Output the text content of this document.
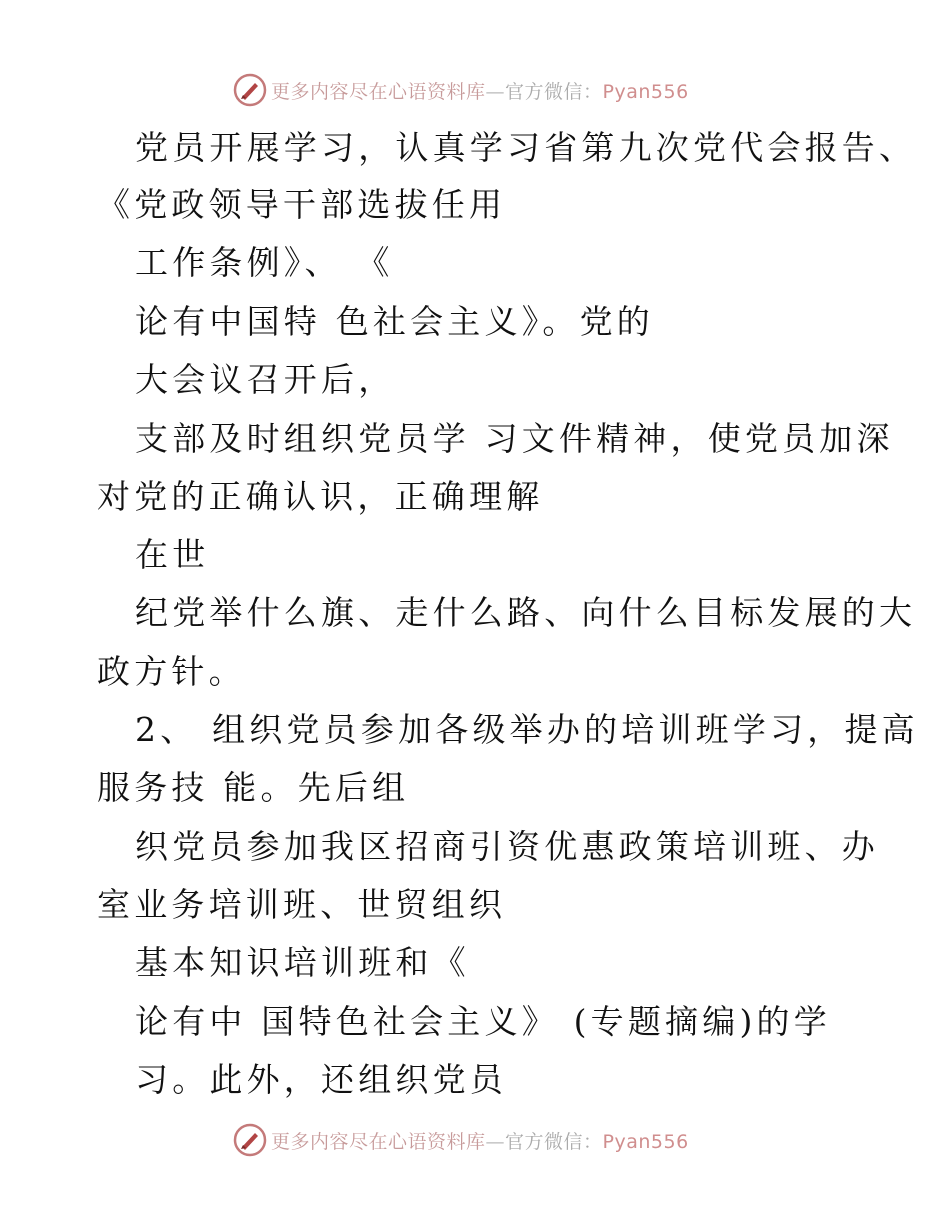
更多内容尽在心语资料库—官方微信：Pyan556
党员开展学习，认真学习省第九次党代会报告、
《党政领导干部选拔任用
工作条例》、 《
论有中国特 色社会主义》。党的
大会议召开后，
支部及时组织党员学 习文件精神，使党员加深
对党的正确认识，正确理解
在世
纪党举什么旗、走什么路、向什么目标发展的大
政方针。
2、 组织党员参加各级举办的培训班学习，提高
服务技 能。先后组
织党员参加我区招商引资优惠政策培训班、办
室业务培训班、世贸组织
基本知识培训班和《
论有中 国特色社会主义》 (专题摘编)的学
习。此外，还组织党员
更多内容尽在心语资料库—官方微信：Pyan556
